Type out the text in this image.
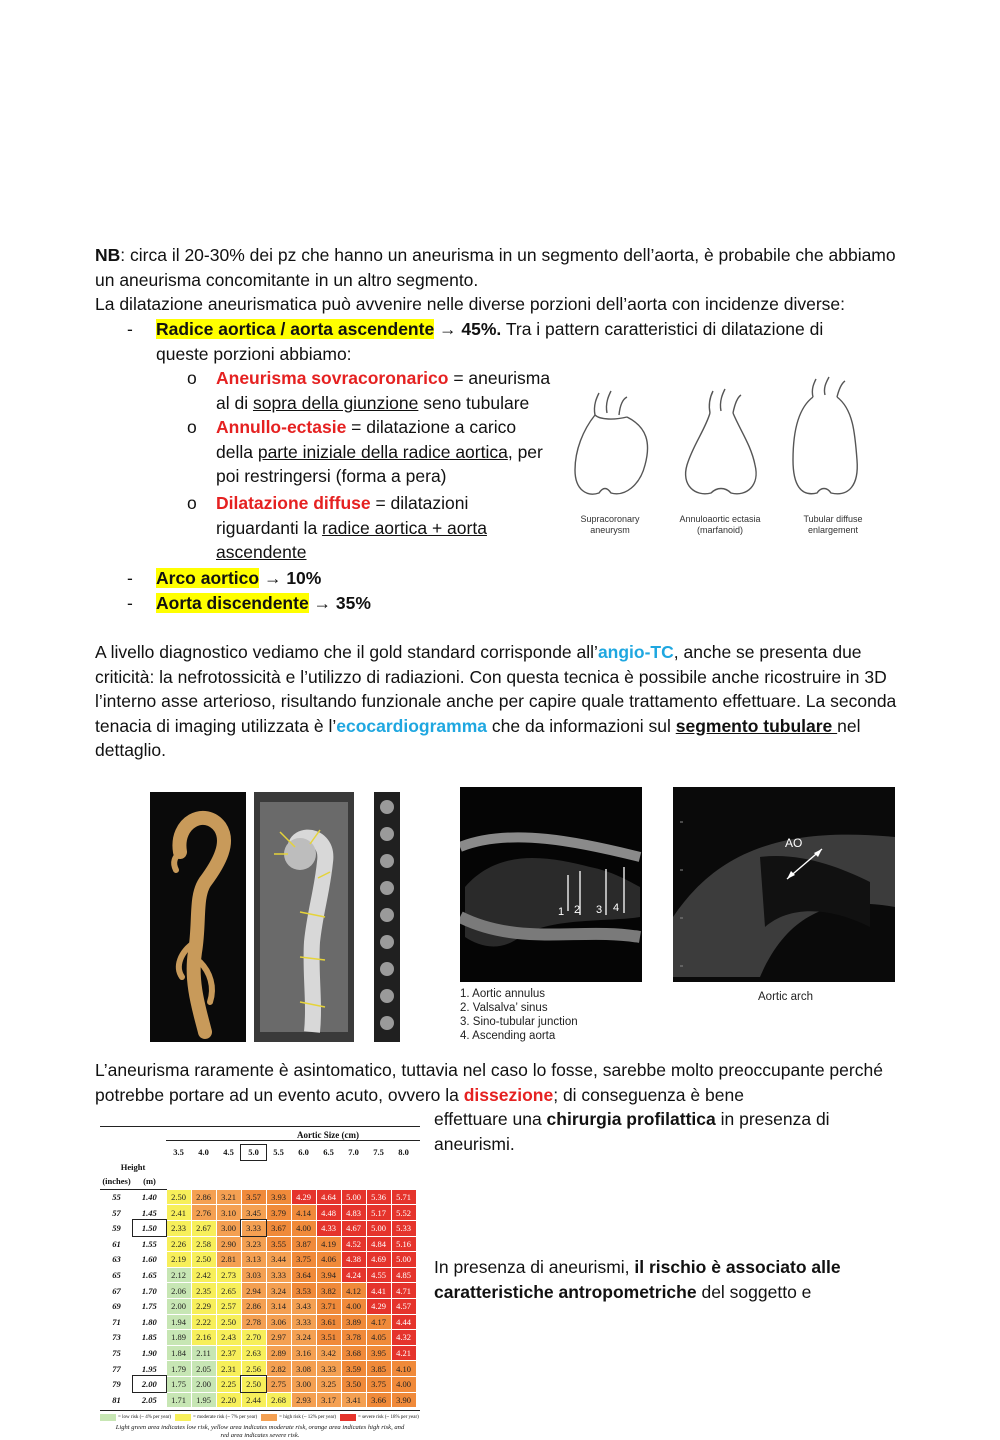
NB: circa il 20-30% dei pz che hanno un aneurisma in un segmento dell’aorta, è probabile che abbiamo un aneurisma concomitante in un altro segmento.

La dilatazione aneurismatica può avvenire nelle diverse porzioni dell’aorta con incidenze diverse:

- Radice aortica / aorta ascendente → 45%. Tra i pattern caratteristici di dilatazione di queste porzioni abbiamo:
o Aneurisma sovracoronarico = aneurisma al di sopra della giunzione seno tubulare
o Annullo-ectasie = dilatazione a carico della parte iniziale della radice aortica, per poi restringersi (forma a pera)
o Dilatazione diffuse = dilatazioni riguardanti la radice aortica + aorta ascendente
- Arco aortico → 10%
- Aorta discendente → 35%
Supracoronary
aneurysm
Annuloaortic ectasia
(marfanoid)
Tubular diffuse
enlargement

A livello diagnostico vediamo che il gold standard corrisponde all’angio-TC, anche se presenta due criticità: la nefrotossicità e l’utilizzo di radiazioni. Con questa tecnica è possibile anche ricostruire in 3D l’interno asse arterioso, risultando funzionale anche per capire quale trattamento effettuare. La seconda tenacia di imaging utilizzata è l’ecocardiogramma che da informazioni sul segmento tubulare nel dettaglio.

1 2 3 4
AO
1. Aortic annulus
2. Valsalva’ sinus
3. Sino-tubular junction
4. Ascending aorta
Aortic arch

L’aneurisma raramente è asintomatico, tuttavia nel caso lo fosse, sarebbe molto preoccupante perché potrebbe portare ad un evento acuto, ovvero la dissezione; di conseguenza è bene

effettuare una chirurgia profilattica in presenza di aneurismi.

In presenza di aneurismi, il rischio è associato alle caratteristiche antropometriche del soggetto e

Aortic Size (cm)
		3.5	4.0	4.5	5.0	5.5	6.0	6.5	7.0	7.5	8.0
Height											
(inches)	(m)										
55	1.40	2.50	2.86	3.21	3.57	3.93	4.29	4.64	5.00	5.36	5.71
57	1.45	2.41	2.76	3.10	3.45	3.79	4.14	4.48	4.83	5.17	5.52
59	1.50	2.33	2.67	3.00	3.33	3.67	4.00	4.33	4.67	5.00	5.33
61	1.55	2.26	2.58	2.90	3.23	3.55	3.87	4.19	4.52	4.84	5.16
63	1.60	2.19	2.50	2.81	3.13	3.44	3.75	4.06	4.38	4.69	5.00
65	1.65	2.12	2.42	2.73	3.03	3.33	3.64	3.94	4.24	4.55	4.85
67	1.70	2.06	2.35	2.65	2.94	3.24	3.53	3.82	4.12	4.41	4.71
69	1.75	2.00	2.29	2.57	2.86	3.14	3.43	3.71	4.00	4.29	4.57
71	1.80	1.94	2.22	2.50	2.78	3.06	3.33	3.61	3.89	4.17	4.44
73	1.85	1.89	2.16	2.43	2.70	2.97	3.24	3.51	3.78	4.05	4.32
75	1.90	1.84	2.11	2.37	2.63	2.89	3.16	3.42	3.68	3.95	4.21
77	1.95	1.79	2.05	2.31	2.56	2.82	3.08	3.33	3.59	3.85	4.10
79	2.00	1.75	2.00	2.25	2.50	2.75	3.00	3.25	3.50	3.75	4.00
81	2.05	1.71	1.95	2.20	2.44	2.68	2.93	3.17	3.41	3.66	3.90
= low risk (~ 4% per year)	= moderate risk (~ 7% per year)	= high risk (~ 12% per year)	= severe risk (~ 18% per year)
Light green area indicates low risk, yellow area indicates moderate risk, orange area indicates high risk, and
red area indicates severe risk.
